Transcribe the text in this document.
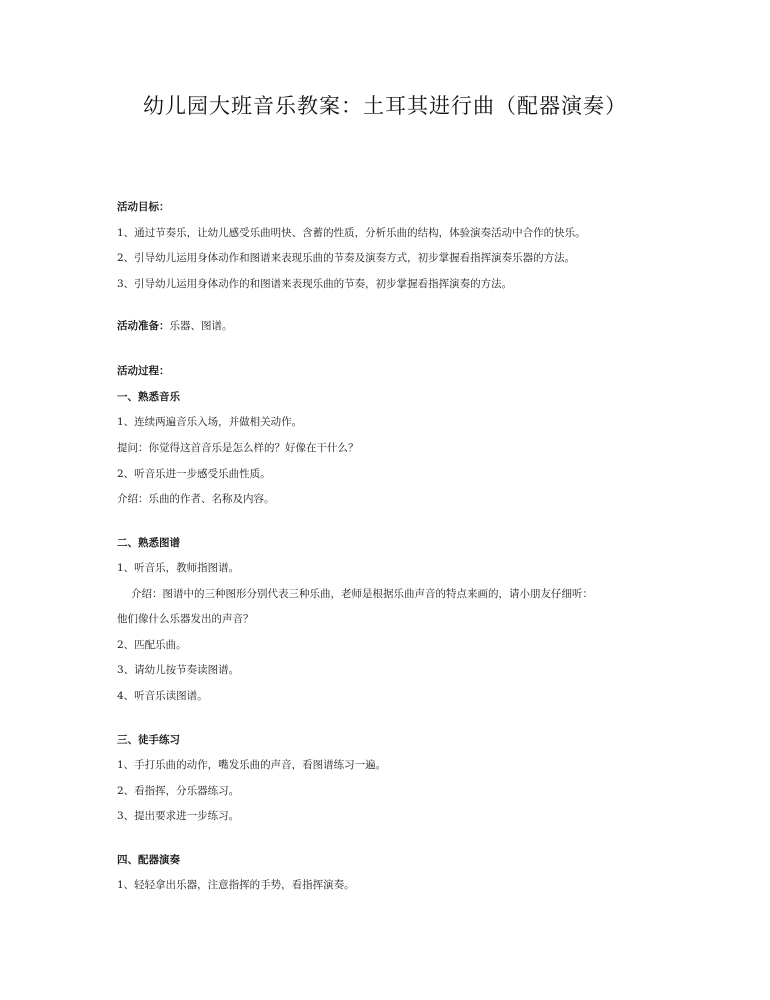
幼儿园大班音乐教案：土耳其进行曲（配器演奏）
活动目标：
1、通过节奏乐，让幼儿感受乐曲明快、含蓄的性质，分析乐曲的结构，体验演奏活动中合作的快乐。
2、引导幼儿运用身体动作和图谱来表现乐曲的节奏及演奏方式，初步掌握看指挥演奏乐器的方法。
3、引导幼儿运用身体动作的和图谱来表现乐曲的节奏，初步掌握看指挥演奏的方法。
活动准备：乐器、图谱。
活动过程：
一、熟悉音乐
1、连续两遍音乐入场，并做相关动作。
提问：你觉得这首音乐是怎么样的？好像在干什么？
2、听音乐进一步感受乐曲性质。
介绍：乐曲的作者、名称及内容。
二、熟悉图谱
1、听音乐，教师指图谱。
介绍：图谱中的三种图形分别代表三种乐曲，老师是根据乐曲声音的特点来画的，请小朋友仔细听：
他们像什么乐器发出的声音？
2、匹配乐曲。
3、请幼儿按节奏读图谱。
4、听音乐读图谱。
三、徒手练习
1、手打乐曲的动作，嘴发乐曲的声音，看图谱练习一遍。
2、看指挥，分乐器练习。
3、提出要求进一步练习。
四、配器演奏
1、轻轻拿出乐器，注意指挥的手势，看指挥演奏。
